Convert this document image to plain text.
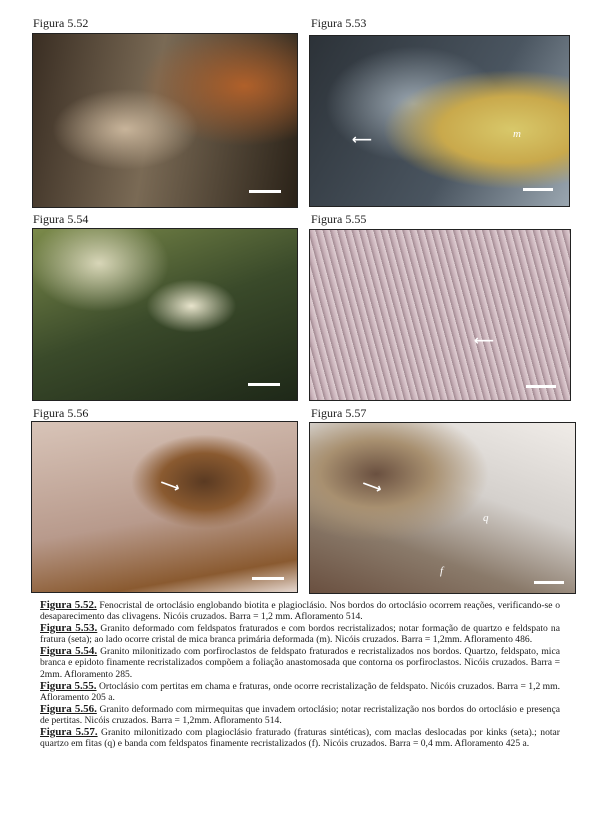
Figura 5.52	Figura 5.53
Figura 5.54	Figura 5.55
Figura 5.56	Figura 5.57
⟵	m
⟵
⟵	⟵
q
f

Figura 5.52. Fenocristal de ortoclásio englobando biotita e plagioclásio. Nos bordos do ortoclásio ocorrem reações, verificando-se o desaparecimento das clivagens. Nicóis cruzados. Barra = 1,2 mm. Afloramento 514.

Figura 5.53. Granito deformado com feldspatos fraturados e com bordos recristalizados; notar formação de quartzo e feldspato na fratura (seta); ao lado ocorre cristal de mica branca primária deformada (m). Nicóis cruzados. Barra = 1,2mm. Afloramento 486.

Figura 5.54. Granito milonitizado com porfiroclastos de feldspato fraturados e recristalizados nos bordos. Quartzo, feldspato, mica branca e epidoto finamente recristalizados compõem a foliação anastomosada que contorna os porfiroclastos. Nicóis cruzados. Barra = 2mm. Afloramento 285.

Figura 5.55. Ortoclásio com pertitas em chama e fraturas, onde ocorre recristalização de feldspato. Nicóis cruzados. Barra = 1,2 mm. Afloramento 205 a.

Figura 5.56. Granito deformado com mirmequitas que invadem ortoclásio; notar recristalização nos bordos do ortoclásio e presença de pertitas. Nicóis cruzados. Barra = 1,2mm. Afloramento 514.

Figura 5.57. Granito milonitizado com plagioclásio fraturado (fraturas sintéticas), com maclas deslocadas por kinks (seta).; notar quartzo em fitas (q) e banda com feldspatos finamente recristalizados (f). Nicóis cruzados. Barra = 0,4 mm. Afloramento 425 a.
